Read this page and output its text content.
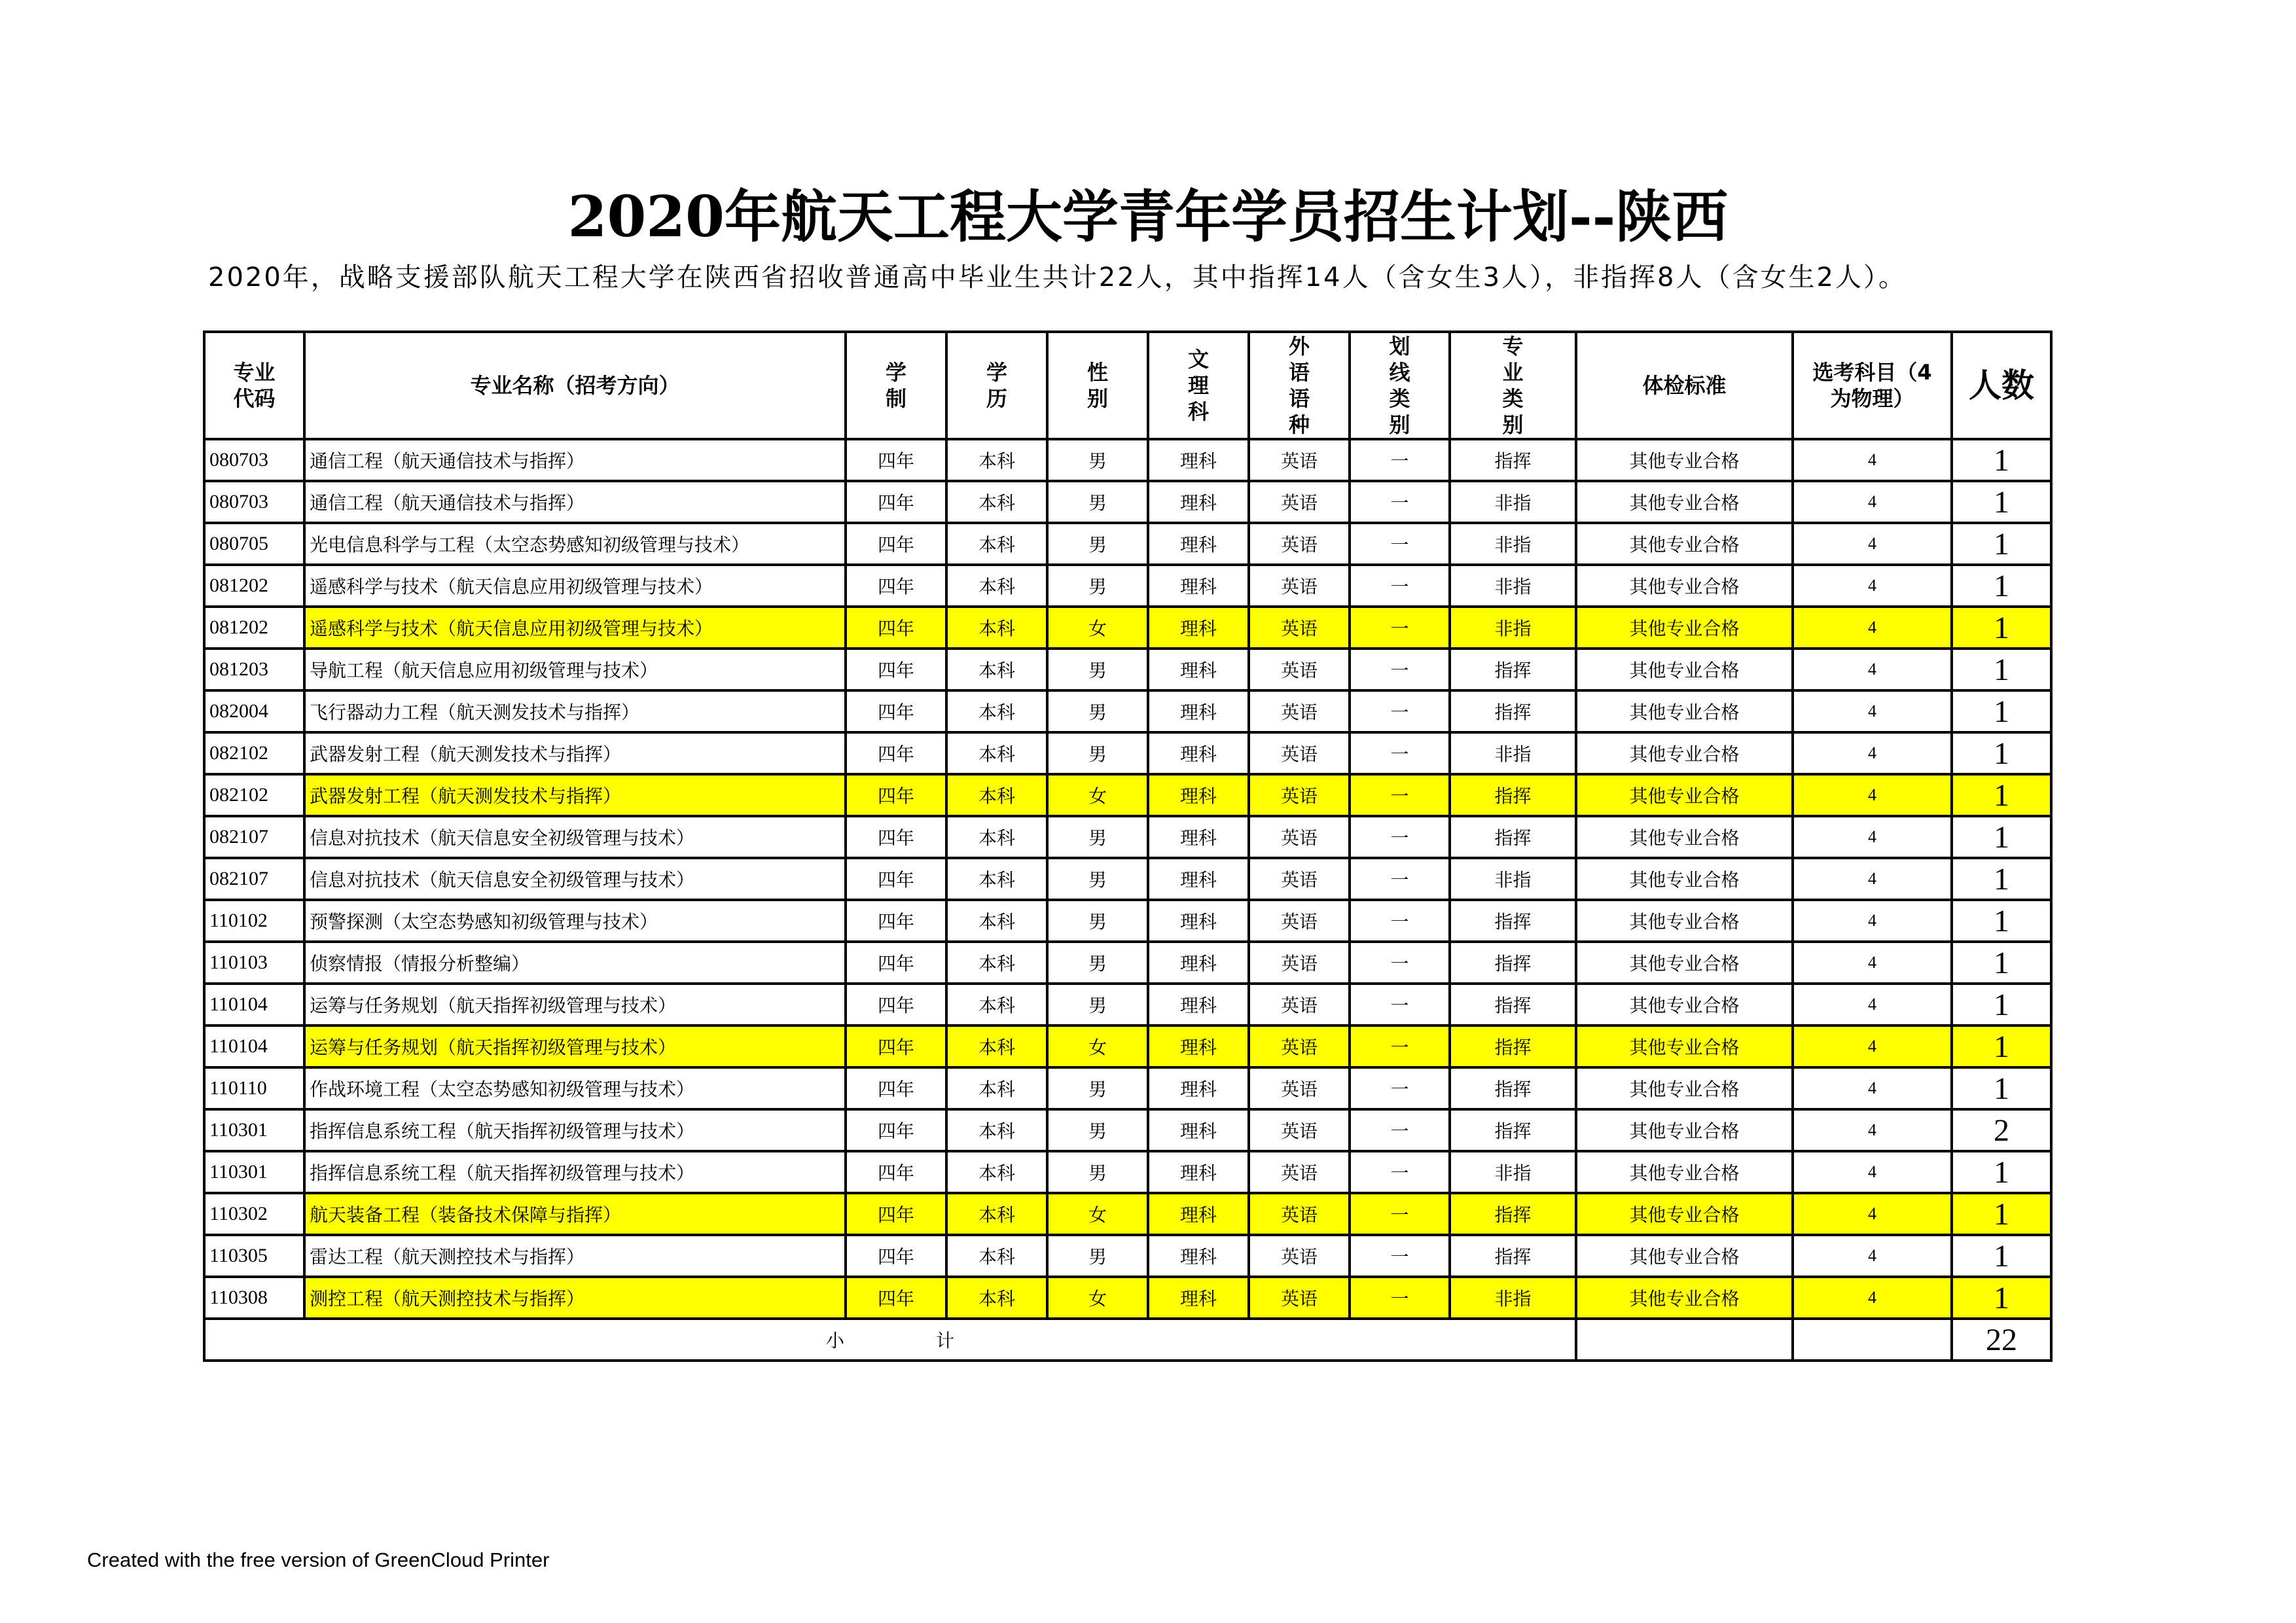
2020年航天工程大学青年学员招生计划--陕西
2020年，战略支援部队航天工程大学在陕西省招收普通高中毕业生共计22人，其中指挥14人（含女生3人），非指挥8人（含女生2人）。
专业代码	专业名称（招考方向）	学制	学历	性别	文理科	外语语种	划线类别	专业类别	体检标准	选考科目（4为物理）	人数
080703	通信工程（航天通信技术与指挥）	四年	本科	男	理科	英语	一	指挥	其他专业合格	4	1
080703	通信工程（航天通信技术与指挥）	四年	本科	男	理科	英语	一	非指	其他专业合格	4	1
080705	光电信息科学与工程（太空态势感知初级管理与技术）	四年	本科	男	理科	英语	一	非指	其他专业合格	4	1
081202	遥感科学与技术（航天信息应用初级管理与技术）	四年	本科	男	理科	英语	一	非指	其他专业合格	4	1
081202	遥感科学与技术（航天信息应用初级管理与技术）	四年	本科	女	理科	英语	一	非指	其他专业合格	4	1
081203	导航工程（航天信息应用初级管理与技术）	四年	本科	男	理科	英语	一	指挥	其他专业合格	4	1
082004	飞行器动力工程（航天测发技术与指挥）	四年	本科	男	理科	英语	一	指挥	其他专业合格	4	1
082102	武器发射工程（航天测发技术与指挥）	四年	本科	男	理科	英语	一	非指	其他专业合格	4	1
082102	武器发射工程（航天测发技术与指挥）	四年	本科	女	理科	英语	一	指挥	其他专业合格	4	1
082107	信息对抗技术（航天信息安全初级管理与技术）	四年	本科	男	理科	英语	一	指挥	其他专业合格	4	1
082107	信息对抗技术（航天信息安全初级管理与技术）	四年	本科	男	理科	英语	一	非指	其他专业合格	4	1
110102	预警探测（太空态势感知初级管理与技术）	四年	本科	男	理科	英语	一	指挥	其他专业合格	4	1
110103	侦察情报（情报分析整编）	四年	本科	男	理科	英语	一	指挥	其他专业合格	4	1
110104	运筹与任务规划（航天指挥初级管理与技术）	四年	本科	男	理科	英语	一	指挥	其他专业合格	4	1
110104	运筹与任务规划（航天指挥初级管理与技术）	四年	本科	女	理科	英语	一	指挥	其他专业合格	4	1
110110	作战环境工程（太空态势感知初级管理与技术）	四年	本科	男	理科	英语	一	指挥	其他专业合格	4	1
110301	指挥信息系统工程（航天指挥初级管理与技术）	四年	本科	男	理科	英语	一	指挥	其他专业合格	4	2
110301	指挥信息系统工程（航天指挥初级管理与技术）	四年	本科	男	理科	英语	一	非指	其他专业合格	4	1
110302	航天装备工程（装备技术保障与指挥）	四年	本科	女	理科	英语	一	指挥	其他专业合格	4	1
110305	雷达工程（航天测控技术与指挥）	四年	本科	男	理科	英语	一	指挥	其他专业合格	4	1
110308	测控工程（航天测控技术与指挥）	四年	本科	女	理科	英语	一	非指	其他专业合格	4	1
小 计											22
Created with the free version of GreenCloud Printer
